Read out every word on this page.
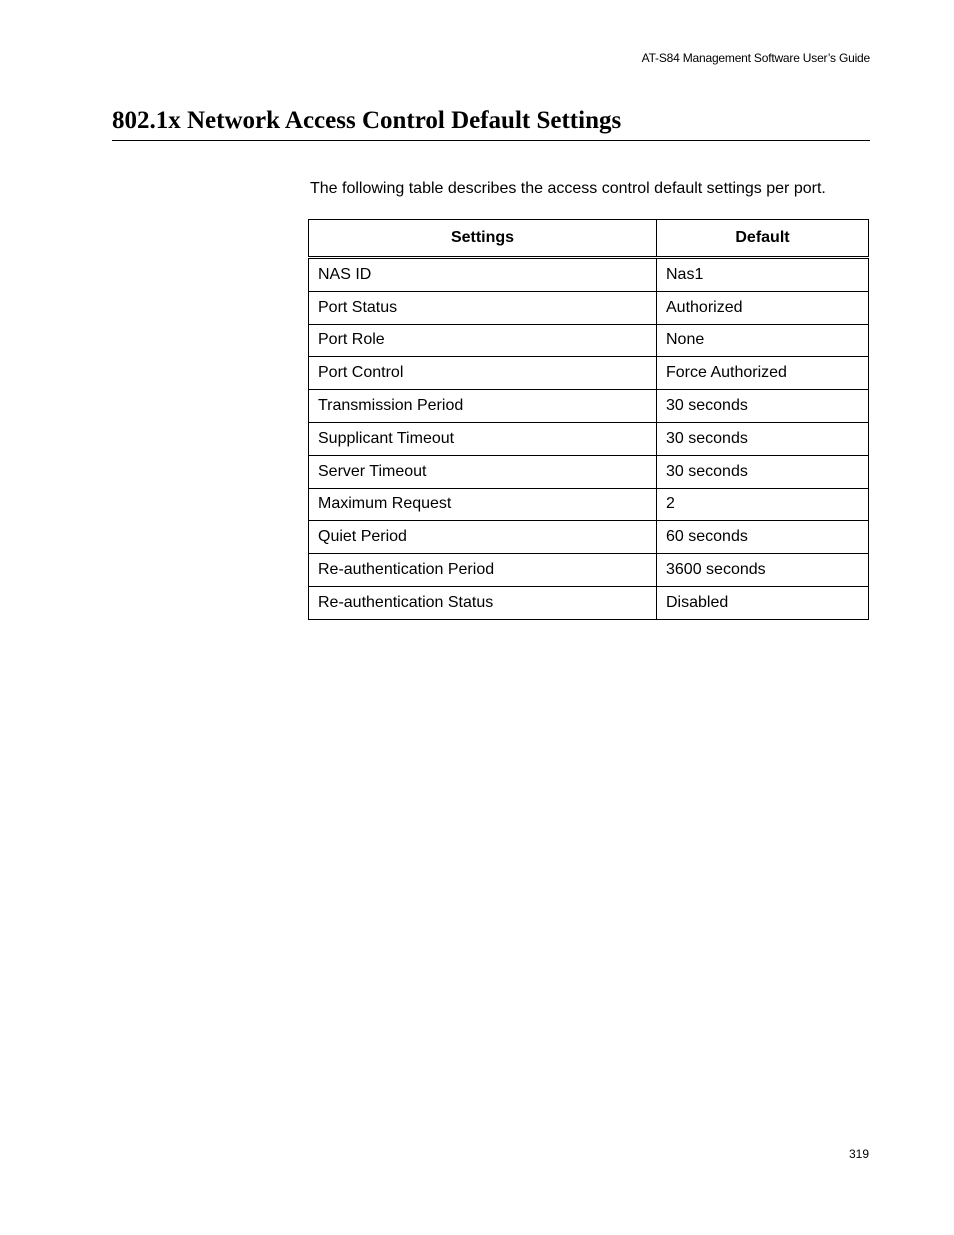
AT-S84 Management Software User’s Guide
802.1x Network Access Control Default Settings

The following table describes the access control default settings per port.

Settings	Default
NAS ID	Nas1
Port Status	Authorized
Port Role	None
Port Control	Force Authorized
Transmission Period	30 seconds
Supplicant Timeout	30 seconds
Server Timeout	30 seconds
Maximum Request	2
Quiet Period	60 seconds
Re-authentication Period	3600 seconds
Re-authentication Status	Disabled
319
